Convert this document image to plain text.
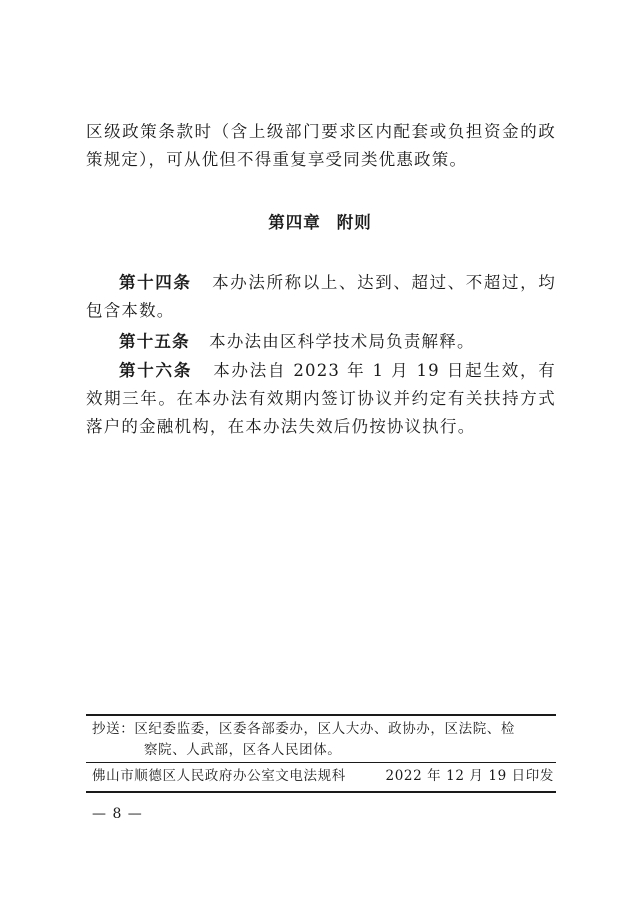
区级政策条款时（含上级部门要求区内配套或负担资金的政策规定），可从优但不得重复享受同类优惠政策。

第四章 附则

第十四条 本办法所称以上、达到、超过、不超过，均包含本数。

第十五条 本办法由区科学技术局负责解释。

第十六条 本办法自 2023 年 1 月 19 日起生效，有效期三年。在本办法有效期内签订协议并约定有关扶持方式落户的金融机构，在本办法失效后仍按协议执行。

抄送：区纪委监委，区委各部委办，区人大办、政协办，区法院、检
察院、人武部，区各人民团体。
佛山市顺德区人民政府办公室文电法规科	2022 年 12 月 19 日印发
— 8 —
